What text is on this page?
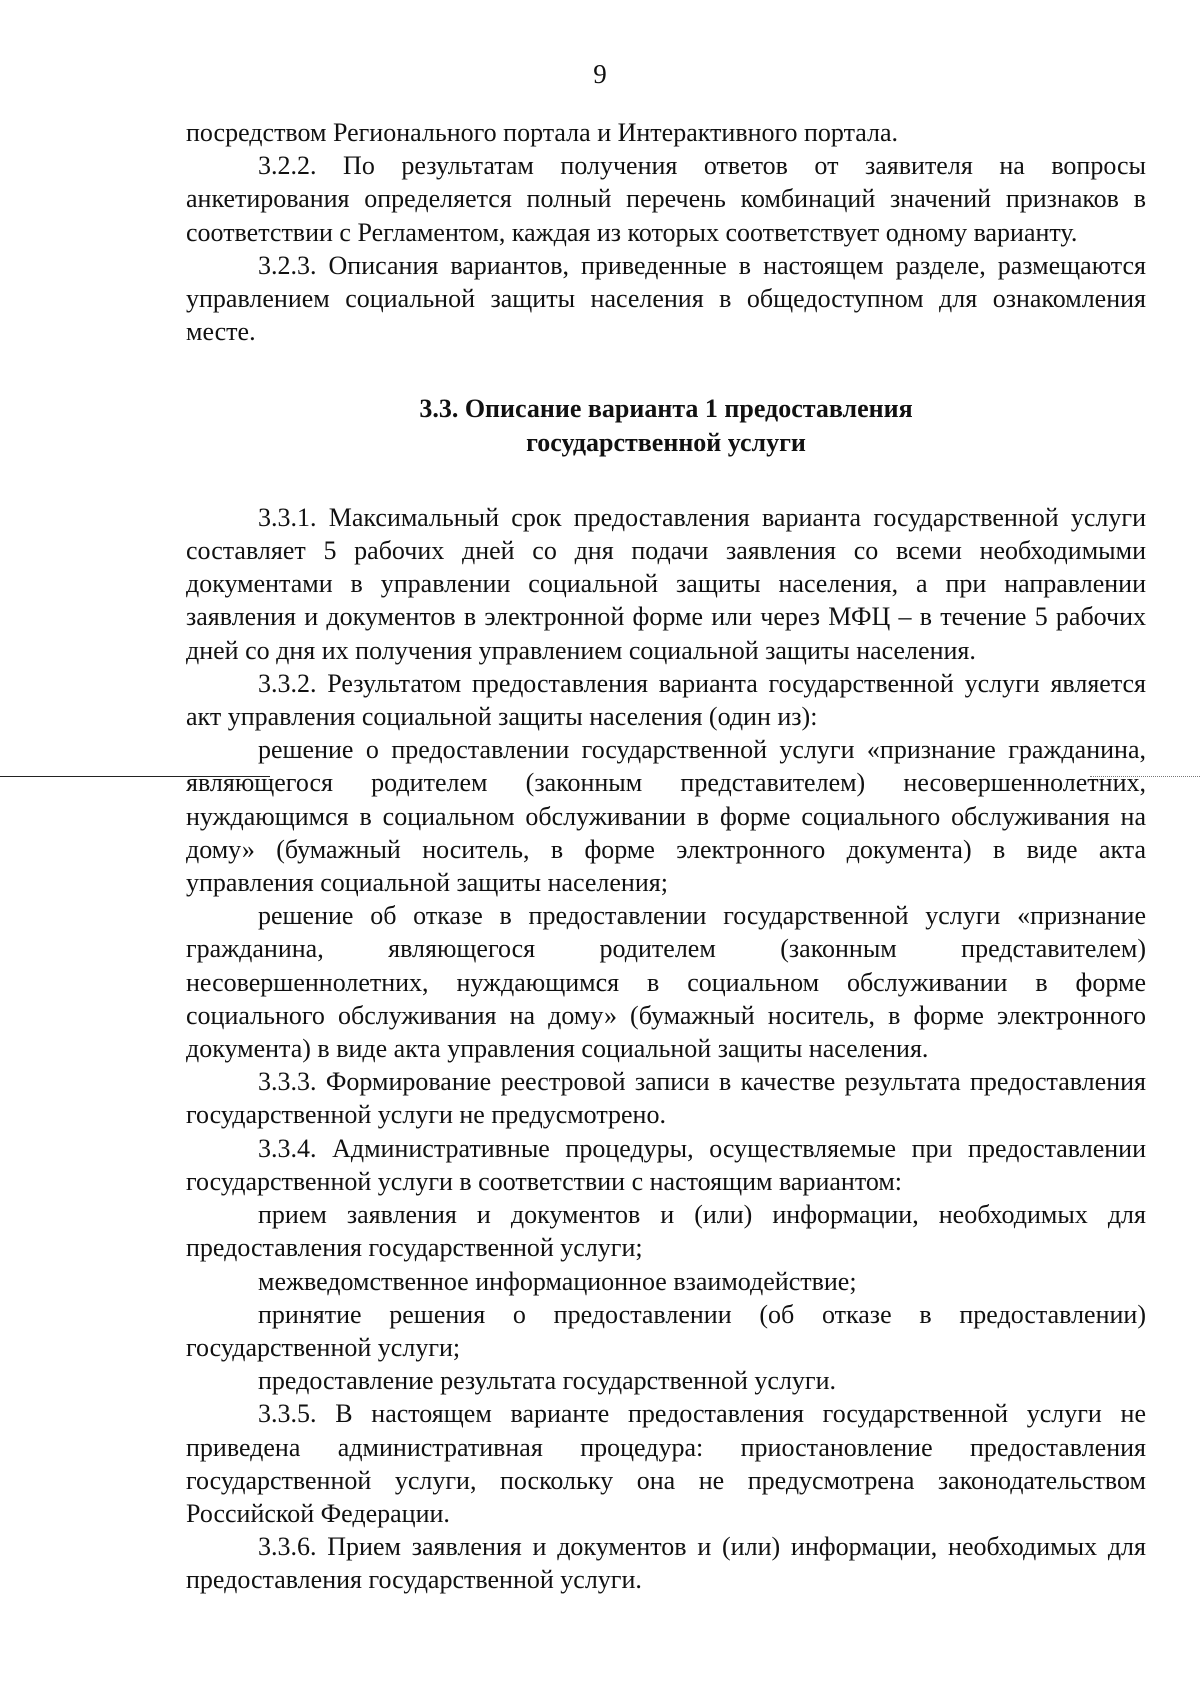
9

посредством Регионального портала и Интерактивного портала.

3.2.2. По результатам получения ответов от заявителя на вопросы анкетирования определяется полный перечень комбинаций значений признаков в соответствии с Регламентом, каждая из которых соответствует одному варианту.

3.2.3. Описания вариантов, приведенные в настоящем разделе, размещаются управлением социальной защиты населения в общедоступном для ознакомления месте.

3.3. Описание варианта 1 предоставления
государственной услуги

3.3.1. Максимальный срок предоставления варианта государственной услуги составляет 5 рабочих дней со дня подачи заявления со всеми необходимыми документами в управлении социальной защиты населения, а при направлении заявления и документов в электронной форме или через МФЦ – в течение 5 рабочих дней со дня их получения управлением социальной защиты населения.

3.3.2. Результатом предоставления варианта государственной услуги является акт управления социальной защиты населения (один из):

решение о предоставлении государственной услуги «признание гражданина, являющегося родителем (законным представителем) несовершеннолетних, нуждающимся в социальном обслуживании в форме социального обслуживания на дому» (бумажный носитель, в форме электронного документа) в виде акта управления социальной защиты населения;

решение об отказе в предоставлении государственной услуги «признание гражданина, являющегося родителем (законным представителем) несовершеннолетних, нуждающимся в социальном обслуживании в форме социального обслуживания на дому» (бумажный носитель, в форме электронного документа) в виде акта управления социальной защиты населения.

3.3.3. Формирование реестровой записи в качестве результата предоставления государственной услуги не предусмотрено.

3.3.4. Административные процедуры, осуществляемые при предоставлении государственной услуги в соответствии с настоящим вариантом:

прием заявления и документов и (или) информации, необходимых для предоставления государственной услуги;

межведомственное информационное взаимодействие;

принятие решения о предоставлении (об отказе в предоставлении) государственной услуги;

предоставление результата государственной услуги.

3.3.5. В настоящем варианте предоставления государственной услуги не приведена административная процедура: приостановление предоставления государственной услуги, поскольку она не предусмотрена законодательством Российской Федерации.

3.3.6. Прием заявления и документов и (или) информации, необходимых для предоставления государственной услуги.
